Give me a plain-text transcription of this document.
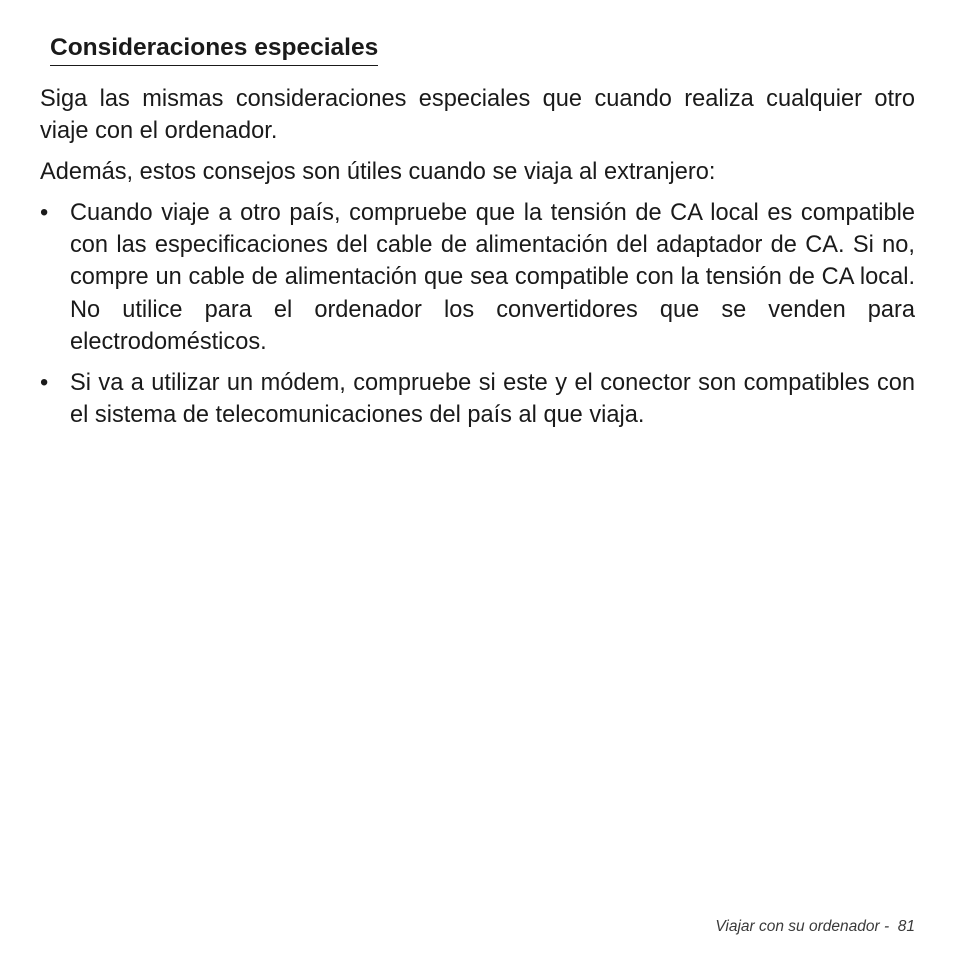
Consideraciones especiales

Siga las mismas consideraciones especiales que cuando realiza cualquier otro viaje con el ordenador.

Además, estos consejos son útiles cuando se viaja al extranjero:

• Cuando viaje a otro país, compruebe que la tensión de CA local es compatible con las especificaciones del cable de alimentación del adaptador de CA. Si no, compre un cable de alimentación que sea compatible con la tensión de CA local. No utilice para el ordenador los convertidores que se venden para electrodomésticos.
• Si va a utilizar un módem, compruebe si este y el conector son compatibles con el sistema de telecomunicaciones del país al que viaja.
Viajar con su ordenador - 81
